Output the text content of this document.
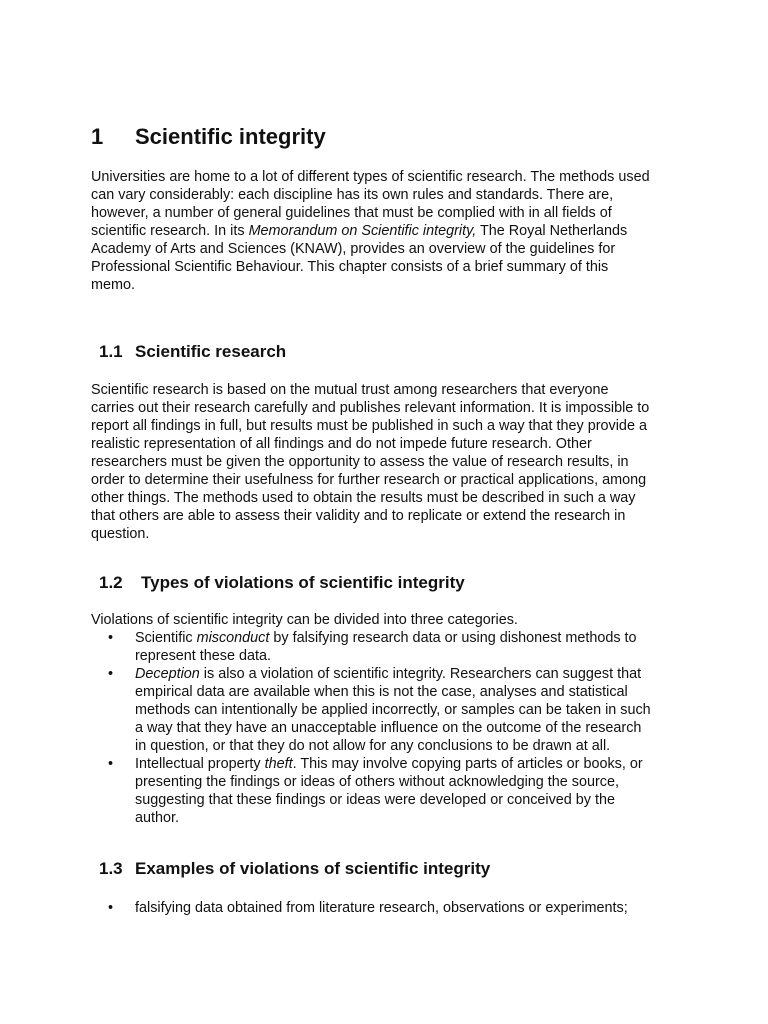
1 Scientific integrity

Universities are home to a lot of different types of scientific research. The methods used
can vary considerably: each discipline has its own rules and standards. There are,
however, a number of general guidelines that must be complied with in all fields of
scientific research. In its Memorandum on Scientific integrity, The Royal Netherlands
Academy of Arts and Sciences (KNAW), provides an overview of the guidelines for
Professional Scientific Behaviour. This chapter consists of a brief summary of this
memo.

1.1 Scientific research

Scientific research is based on the mutual trust among researchers that everyone
carries out their research carefully and publishes relevant information. It is impossible to
report all findings in full, but results must be published in such a way that they provide a
realistic representation of all findings and do not impede future research. Other
researchers must be given the opportunity to assess the value of research results, in
order to determine their usefulness for further research or practical applications, among
other things. The methods used to obtain the results must be described in such a way
that others are able to assess their validity and to replicate or extend the research in
question.

1.2 Types of violations of scientific integrity

Violations of scientific integrity can be divided into three categories.

• Scientific misconduct by falsifying research data or using dishonest methods to
represent these data.
• Deception is also a violation of scientific integrity. Researchers can suggest that
empirical data are available when this is not the case, analyses and statistical
methods can intentionally be applied incorrectly, or samples can be taken in such
a way that they have an unacceptable influence on the outcome of the research
in question, or that they do not allow for any conclusions to be drawn at all.
• Intellectual property theft. This may involve copying parts of articles or books, or
presenting the findings or ideas of others without acknowledging the source,
suggesting that these findings or ideas were developed or conceived by the
author.
1.3 Examples of violations of scientific integrity
• falsifying data obtained from literature research, observations or experiments;
